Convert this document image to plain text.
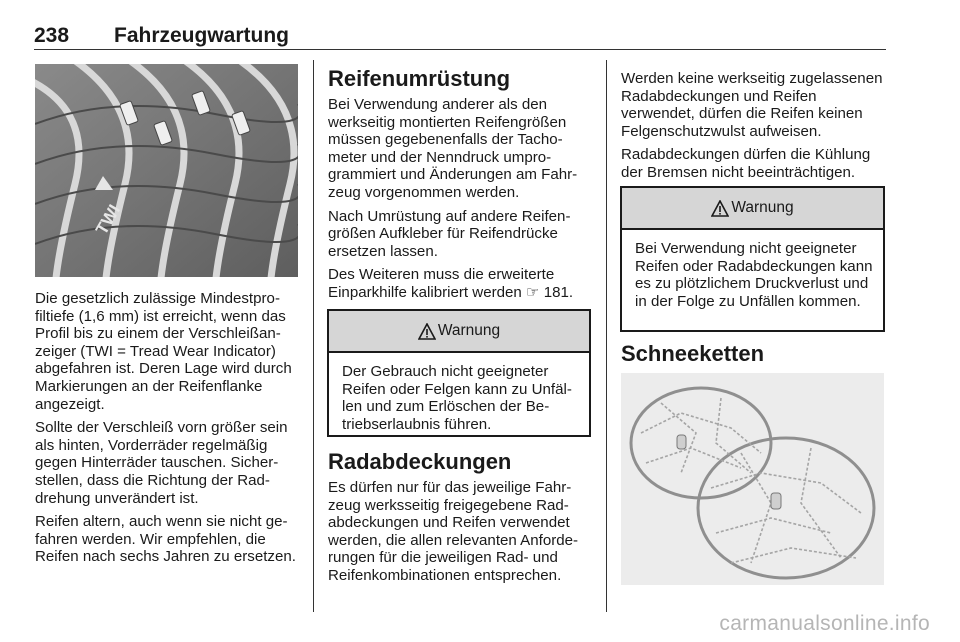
238 Fahrzeugwartung
TWI

Die gesetzlich zulässige Mindestprofiltiefe (1,6 mm) ist erreicht, wenn das Profil bis zu einem der Verschleißanzeiger (TWI = Tread Wear Indicator) abgefahren ist. Deren Lage wird durch Markierungen an der Reifenflanke angezeigt.

Sollte der Verschleiß vorn größer sein als hinten, Vorderräder regelmäßig gegen Hinterräder tauschen. Sicherstellen, dass die Richtung der Raddrehung unverändert ist.

Reifen altern, auch wenn sie nicht gefahren werden. Wir empfehlen, die Reifen nach sechs Jahren zu ersetzen.

Reifenumrüstung

Bei Verwendung anderer als den werkseitig montierten Reifengrößen müssen gegebenenfalls der Tachometer und der Nenndruck umprogrammiert und Änderungen am Fahrzeug vorgenommen werden.

Nach Umrüstung auf andere Reifengrößen Aufkleber für Reifendrücke ersetzen lassen.

Des Weiteren muss die erweiterte Einparkhilfe kalibriert werden ☞ 181.

Warnung
Der Gebrauch nicht geeigneter Reifen oder Felgen kann zu Unfällen und zum Erlöschen der Betriebserlaubnis führen.
Radabdeckungen

Es dürfen nur für das jeweilige Fahrzeug werksseitig freigegebene Radabdeckungen und Reifen verwendet werden, die allen relevanten Anforderungen für die jeweiligen Rad- und Reifenkombinationen entsprechen.

Werden keine werkseitig zugelassenen Radabdeckungen und Reifen verwendet, dürfen die Reifen keinen Felgenschutzwulst aufweisen.

Radabdeckungen dürfen die Kühlung der Bremsen nicht beeinträchtigen.

Warnung
Bei Verwendung nicht geeigneter Reifen oder Radabdeckungen kann es zu plötzlichem Druckverlust und in der Folge zu Unfällen kommen.
Schneeketten
carmanualsonline.info
